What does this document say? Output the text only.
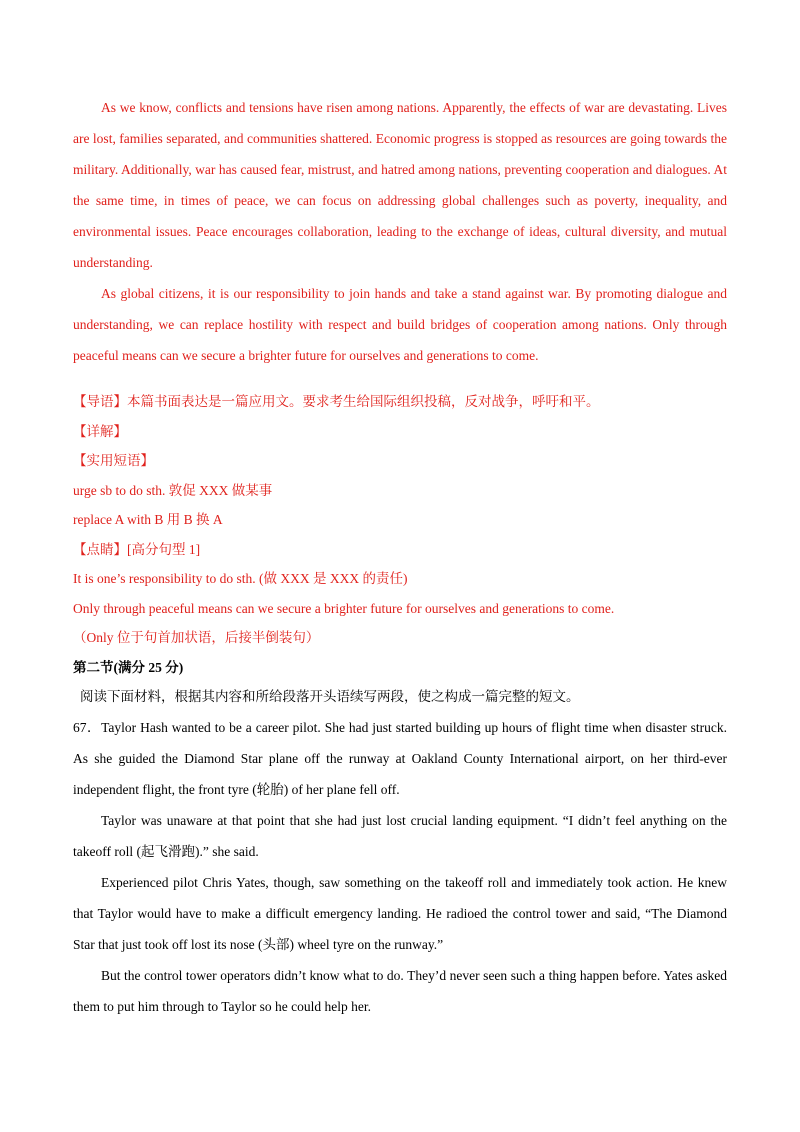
As we know, conflicts and tensions have risen among nations. Apparently, the effects of war are devastating. Lives are lost, families separated, and communities shattered. Economic progress is stopped as resources are going towards the military. Additionally, war has caused fear, mistrust, and hatred among nations, preventing cooperation and dialogues. At the same time, in times of peace, we can focus on addressing global challenges such as poverty, inequality, and environmental issues. Peace encourages collaboration, leading to the exchange of ideas, cultural diversity, and mutual understanding.

As global citizens, it is our responsibility to join hands and take a stand against war. By promoting dialogue and understanding, we can replace hostility with respect and build bridges of cooperation among nations. Only through peaceful means can we secure a brighter future for ourselves and generations to come.

【导语】本篇书面表达是一篇应用文。要求考生给国际组织投稿，反对战争，呼吁和平。

【详解】

【实用短语】

urge sb to do sth. 敦促 XXX 做某事

replace A with B 用 B 换 A

【点睛】[高分句型 1]

It is one’s responsibility to do sth. (做 XXX 是 XXX 的责任)

Only through peaceful means can we secure a brighter future for ourselves and generations to come.

（Only 位于句首加状语，后接半倒装句）

第二节(满分 25 分)

阅读下面材料，根据其内容和所给段落开头语续写两段，使之构成一篇完整的短文。

67．Taylor Hash wanted to be a career pilot. She had just started building up hours of flight time when disaster struck. As she guided the Diamond Star plane off the runway at Oakland County International airport, on her third-ever independent flight, the front tyre (轮胎) of her plane fell off.

Taylor was unaware at that point that she had just lost crucial landing equipment. “I didn’t feel anything on the takeoff roll (起飞滑跑).” she said.

Experienced pilot Chris Yates, though, saw something on the takeoff roll and immediately took action. He knew that Taylor would have to make a difficult emergency landing. He radioed the control tower and said, “The Diamond Star that just took off lost its nose (头部) wheel tyre on the runway.”

But the control tower operators didn’t know what to do. They’d never seen such a thing happen before. Yates asked them to put him through to Taylor so he could help her.
